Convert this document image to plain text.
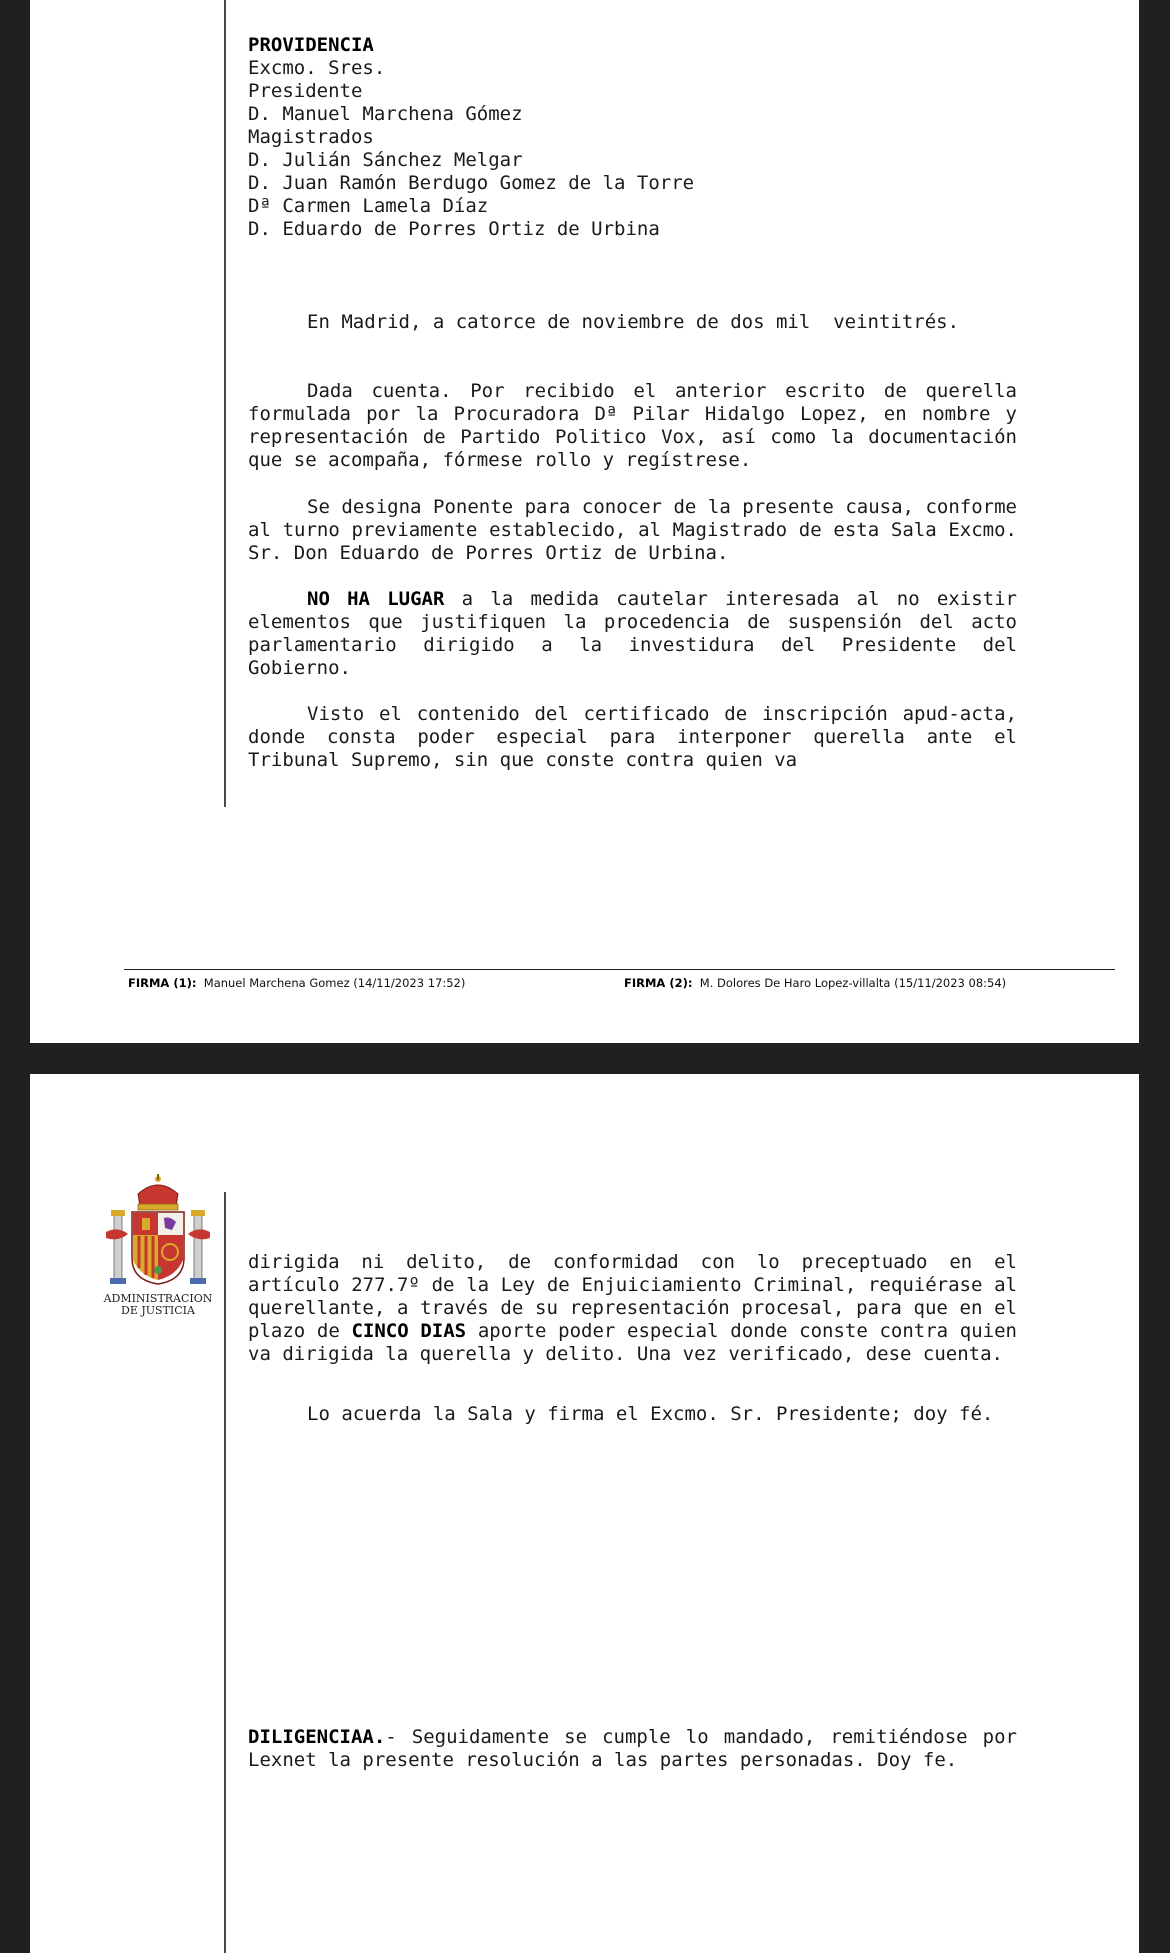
PROVIDENCIA
Excmo. Sres.
Presidente
D. Manuel Marchena Gómez
Magistrados
D. Julián Sánchez Melgar
D. Juan Ramón Berdugo Gomez de la Torre
Dª Carmen Lamela Díaz
D. Eduardo de Porres Ortiz de Urbina
En Madrid, a catorce de noviembre de dos mil  veintitrés.
Dada cuenta. Por recibido el anterior escrito de querella formulada por la Procuradora Dª Pilar Hidalgo Lopez, en nombre y representación de Partido Politico Vox, así como la documentación que se acompaña, fórmese rollo y regístrese.
Se designa Ponente para conocer de la presente causa, conforme al turno previamente establecido, al Magistrado de esta Sala Excmo. Sr. Don Eduardo de Porres Ortiz de Urbina.
NO HA LUGAR a la medida cautelar interesada al no existir elementos que justifiquen la procedencia de suspensión del acto parlamentario dirigido a la investidura del Presidente del Gobierno.
Visto el contenido del certificado de inscripción apud-acta, donde consta poder especial para interponer querella ante el Tribunal Supremo, sin que conste contra quien va
FIRMA (1): Manuel Marchena Gomez (14/11/2023 17:52)	FIRMA (2): M. Dolores De Haro Lopez-villalta (15/11/2023 08:54)
ADMINISTRACION
DE JUSTICIA
dirigida ni delito, de conformidad con lo preceptuado en el artículo 277.7º de la Ley de Enjuiciamiento Criminal, requiérase al querellante, a través de su representación procesal, para que en el plazo de CINCO DIAS aporte poder especial donde conste contra quien va dirigida la querella y delito. Una vez verificado, dese cuenta.
Lo acuerda la Sala y firma el Excmo. Sr. Presidente; doy fé.
DILIGENCIAA.- Seguidamente se cumple lo mandado, remitiéndose por Lexnet la presente resolución a las partes personadas. Doy fe.
